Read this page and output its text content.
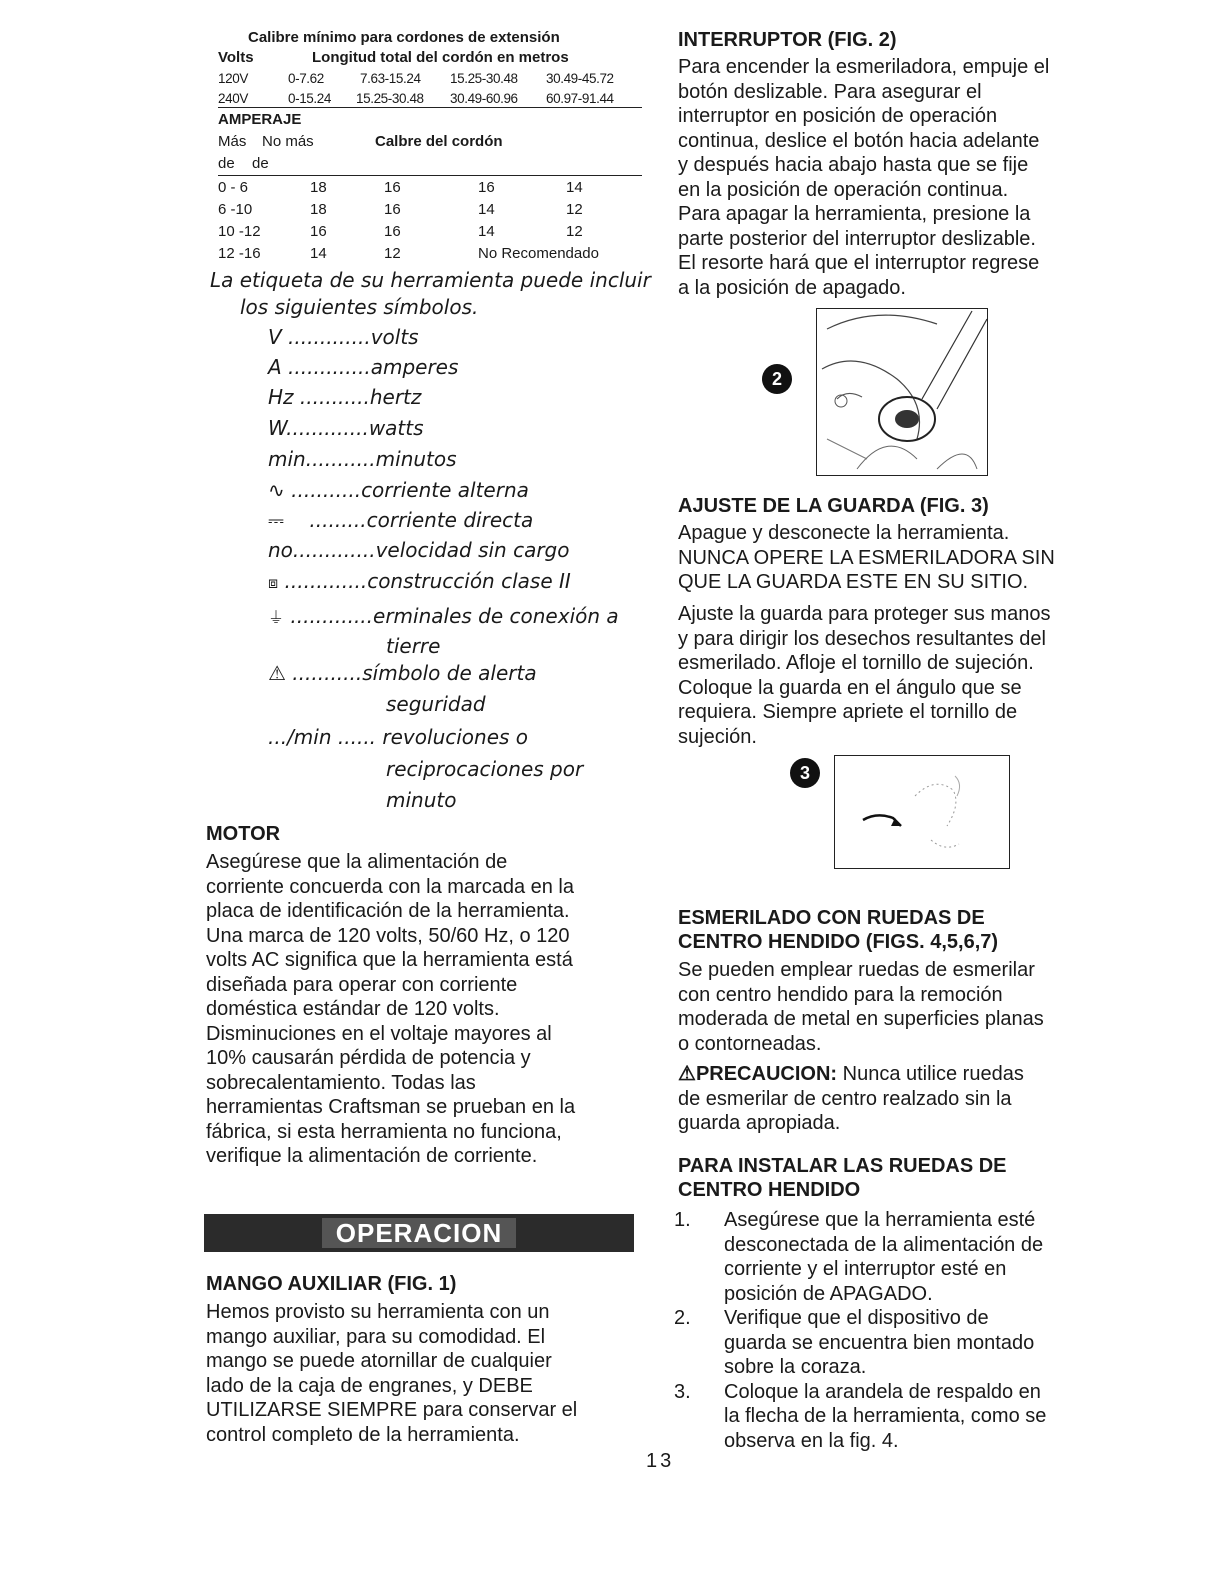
Calibre mínimo para cordones de extensión
Volts	Longitud total del cordón en metros
120V	0-7.62	7.63-15.24 15.25-30.48 30.49-45.72
240V	0-15.24 15.25-30.48 30.49-60.96 60.97-91.44
AMPERAJE
Más No más	Calbre del cordón
de de
0 - 6	18	16	16	14
6 -10	18	16	14	12
10 -12	16	16	14	12
12 -16	14	12	No Recomendado
La etiqueta de su herramienta puede incluir
los siguientes símbolos.
V .............volts
A .............amperes
Hz ...........hertz
W.............watts
min...........minutos
∿ ...........corriente alterna
⎓ .........corriente directa
no.............velocidad sin cargo
⧈ .............construcción clase II
⏚ .............erminales de conexión a
tierre
⚠ ...........símbolo de alerta
seguridad
.../min ...... revoluciones o
reciprocaciones por
minuto
MOTOR
Asegúrese que la alimentación de
corriente concuerda con la marcada en la
placa de identificación de la herramienta.
Una marca de 120 volts, 50/60 Hz, o 120
volts AC significa que la herramienta está
diseñada para operar con corriente
doméstica estándar de 120 volts.
Disminuciones en el voltaje mayores al
10% causarán pérdida de potencia y
sobrecalentamiento. Todas las
herramientas Craftsman se prueban en la
fábrica, si esta herramienta no funciona,
verifique la alimentación de corriente.
OPERACION
MANGO AUXILIAR (FIG. 1)
Hemos provisto su herramienta con un
mango auxiliar, para su comodidad. El
mango se puede atornillar de cualquier
lado de la caja de engranes, y DEBE
UTILIZARSE SIEMPRE para conservar el
control completo de la herramienta.
INTERRUPTOR (FIG. 2)
Para encender la esmeriladora, empuje el
botón deslizable. Para asegurar el
interruptor en posición de operación
continua, deslice el botón hacia adelante
y después hacia abajo hasta que se fije
en la posición de operación continua.
Para apagar la herramienta, presione la
parte posterior del interruptor deslizable.
El resorte hará que el interruptor regrese
a la posición de apagado.
2
AJUSTE DE LA GUARDA (FIG. 3)
Apague y desconecte la herramienta.
NUNCA OPERE LA ESMERILADORA SIN
QUE LA GUARDA ESTE EN SU SITIO.
Ajuste la guarda para proteger sus manos
y para dirigir los desechos resultantes del
esmerilado. Afloje el tornillo de sujeción.
Coloque la guarda en el ángulo que se
requiera. Siempre apriete el tornillo de
sujeción.
3
ESMERILADO CON RUEDAS DE
CENTRO HENDIDO (FIGS. 4,5,6,7)
Se pueden emplear ruedas de esmerilar
con centro hendido para la remoción
moderada de metal en superficies planas
o contorneadas.
⚠PRECAUCION: Nunca utilice ruedas
de esmerilar de centro realzado sin la
guarda apropiada.
PARA INSTALAR LAS RUEDAS DE
CENTRO HENDIDO
1. Asegúrese que la herramienta esté
desconectada de la alimentación de
corriente y el interruptor esté en
posición de APAGADO.
2. Verifique que el dispositivo de
guarda se encuentra bien montado
sobre la coraza.
3. Coloque la arandela de respaldo en
la flecha de la herramienta, como se
observa en la fig. 4.
13
